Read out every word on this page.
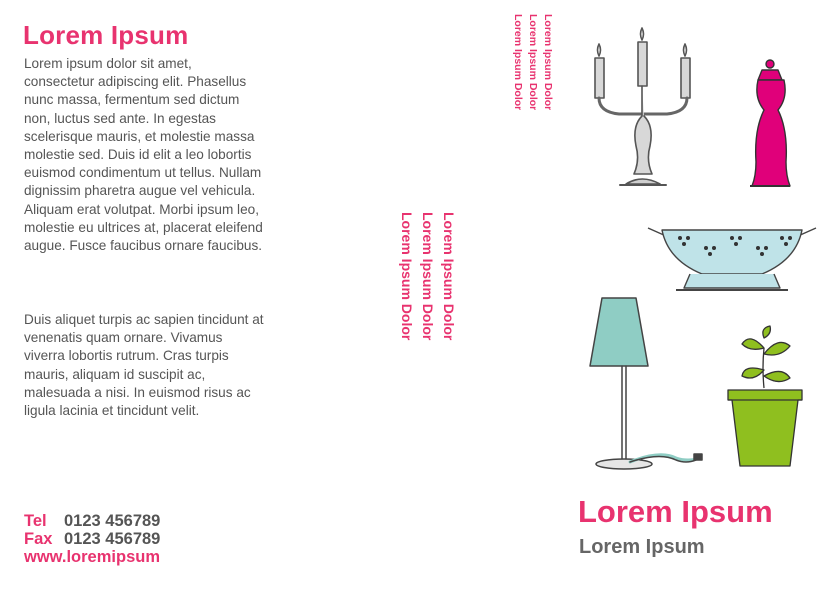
Lorem Ipsum

Lorem ipsum dolor sit amet, consectetur adipiscing elit. Phasellus nunc massa, fermentum sed dictum non, luctus sed ante. In egestas scelerisque mauris, et molestie massa molestie sed. Duis id elit a leo lobortis euismod condimentum ut tellus. Nullam dignissim pharetra augue vel vehicula. Aliquam erat volutpat. Morbi ipsum leo, molestie eu ultrices at, placerat eleifend augue. Fusce faucibus ornare faucibus.

Duis aliquet turpis ac sapien tincidunt at venenatis quam ornare. Vivamus viverra lobortis rutrum. Cras turpis mauris, aliquam id suscipit ac, malesuada a nisi. In euismod risus ac ligula lacinia et tincidunt velit.

Tel 0123 456789
Fax 0123 456789
www.loremipsum
Lorem Ipsum Dolor
Lorem Ipsum Dolor
Lorem Ipsum Dolor
Lorem Ipsum Dolor
Lorem Ipsum Dolor
Lorem Ipsum Dolor
Lorem Ipsum
Lorem Ipsum
